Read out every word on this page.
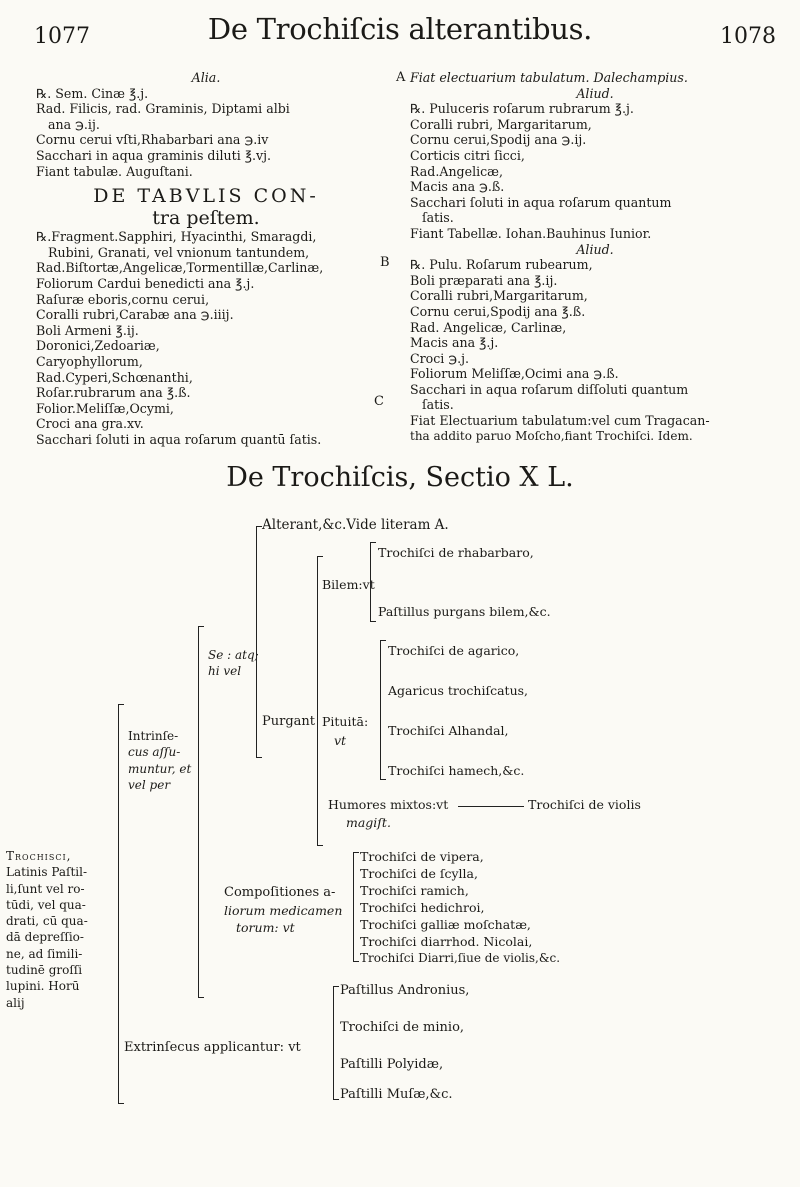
1077	De Trochiſcis alterantibus.	1078
A
B
C

Alia.

℞. Sem. Cinæ ℥.j.

Rad. Filicis, rad. Graminis, Diptami albi

ana ℈.ij.

Cornu cerui vſti,Rhabarbari ana ℈.iv

Sacchari in aqua graminis diluti ℥.vj.

Fiant tabulæ. Auguſtani.

DE TABVLIS CON-

tra peſtem.

℞.Fragment.Sapphiri, Hyacinthi, Smaragdi,

Rubini, Granati, vel vnionum tantundem,

Rad.Biſtortæ,Angelicæ,Tormentillæ,Carlinæ,

Foliorum Cardui benedicti ana ℥.j.

Raſuræ eboris,cornu cerui,

Coralli rubri,Carabæ ana ℈.iiij.

Boli Armeni ℥.ij.

Doronici,Zedoariæ,

Caryophyllorum,

Rad.Cyperi,Schœnanthi,

Roſar.rubrarum ana ℥.ß.

Folior.Meliſſæ,Ocymi,

Croci ana gra.xv.

Sacchari ſoluti in aqua roſarum quantū ſatis.

Fiat electuarium tabulatum. Dalechampius.

Aliud.

℞. Puluceris roſarum rubrarum ℥.j.

Coralli rubri, Margaritarum,

Cornu cerui,Spodij ana ℈.ij.

Corticis citri ſicci,

Rad.Angelicæ,

Macis ana ℈.ß.

Sacchari ſoluti in aqua roſarum quantum

ſatis.

Fiant Tabellæ. Iohan.Bauhinus Iunior.

Aliud.

℞. Pulu. Roſarum rubearum,

Boli præparati ana ℥.ij.

Coralli rubri,Margaritarum,

Cornu cerui,Spodij ana ℥.ß.

Rad. Angelicæ, Carlinæ,

Macis ana ℥.j.

Croci ℈.j.

Foliorum Meliſſæ,Ocimi ana ℈.ß.

Sacchari in aqua roſarum diſſoluti quantum

ſatis.

Fiat Electuarium tabulatum:vel cum Tragacan-

tha addito paruo Moſcho,fiant Trochiſci. Idem.

De Trochiſcis, Sectio X L.

Trochisci,

Latinis Paſtil-

li,ſunt vel ro-

tūdi, vel qua-

drati, cū qua-

dā depreſſio-

ne, ad ſimili-

tudinē groſſi

lupini. Horū

alij

Intrinſe-

cus aſſu-

muntur, et

vel per

Se : atq;

hi vel

Alterant,&c.Vide literam A.
Purgant
Bilem:vt
Trochiſci de rhabarbaro,
Paſtillus purgans bilem,&c.
Pituitā:
vt
Trochiſci de agarico,
Agaricus trochiſcatus,
Trochiſci Alhandal,
Trochiſci hamech,&c.
Humores mixtos:vt	Trochiſci de violis
magiſt.
Compoſitiones a-
liorum medicamen
torum: vt
Trochiſci de vipera,
Trochiſci de ſcylla,
Trochiſci ramich,
Trochiſci hedichroi,
Trochiſci galliæ moſchatæ,
Trochiſci diarrhod. Nicolai,
Trochiſci Diarri,ſiue de violis,&c.
Extrinſecus applicantur: vt
Paſtillus Andronius,
Trochiſci de minio,
Paſtilli Polyidæ,
Paſtilli Muſæ,&c.
